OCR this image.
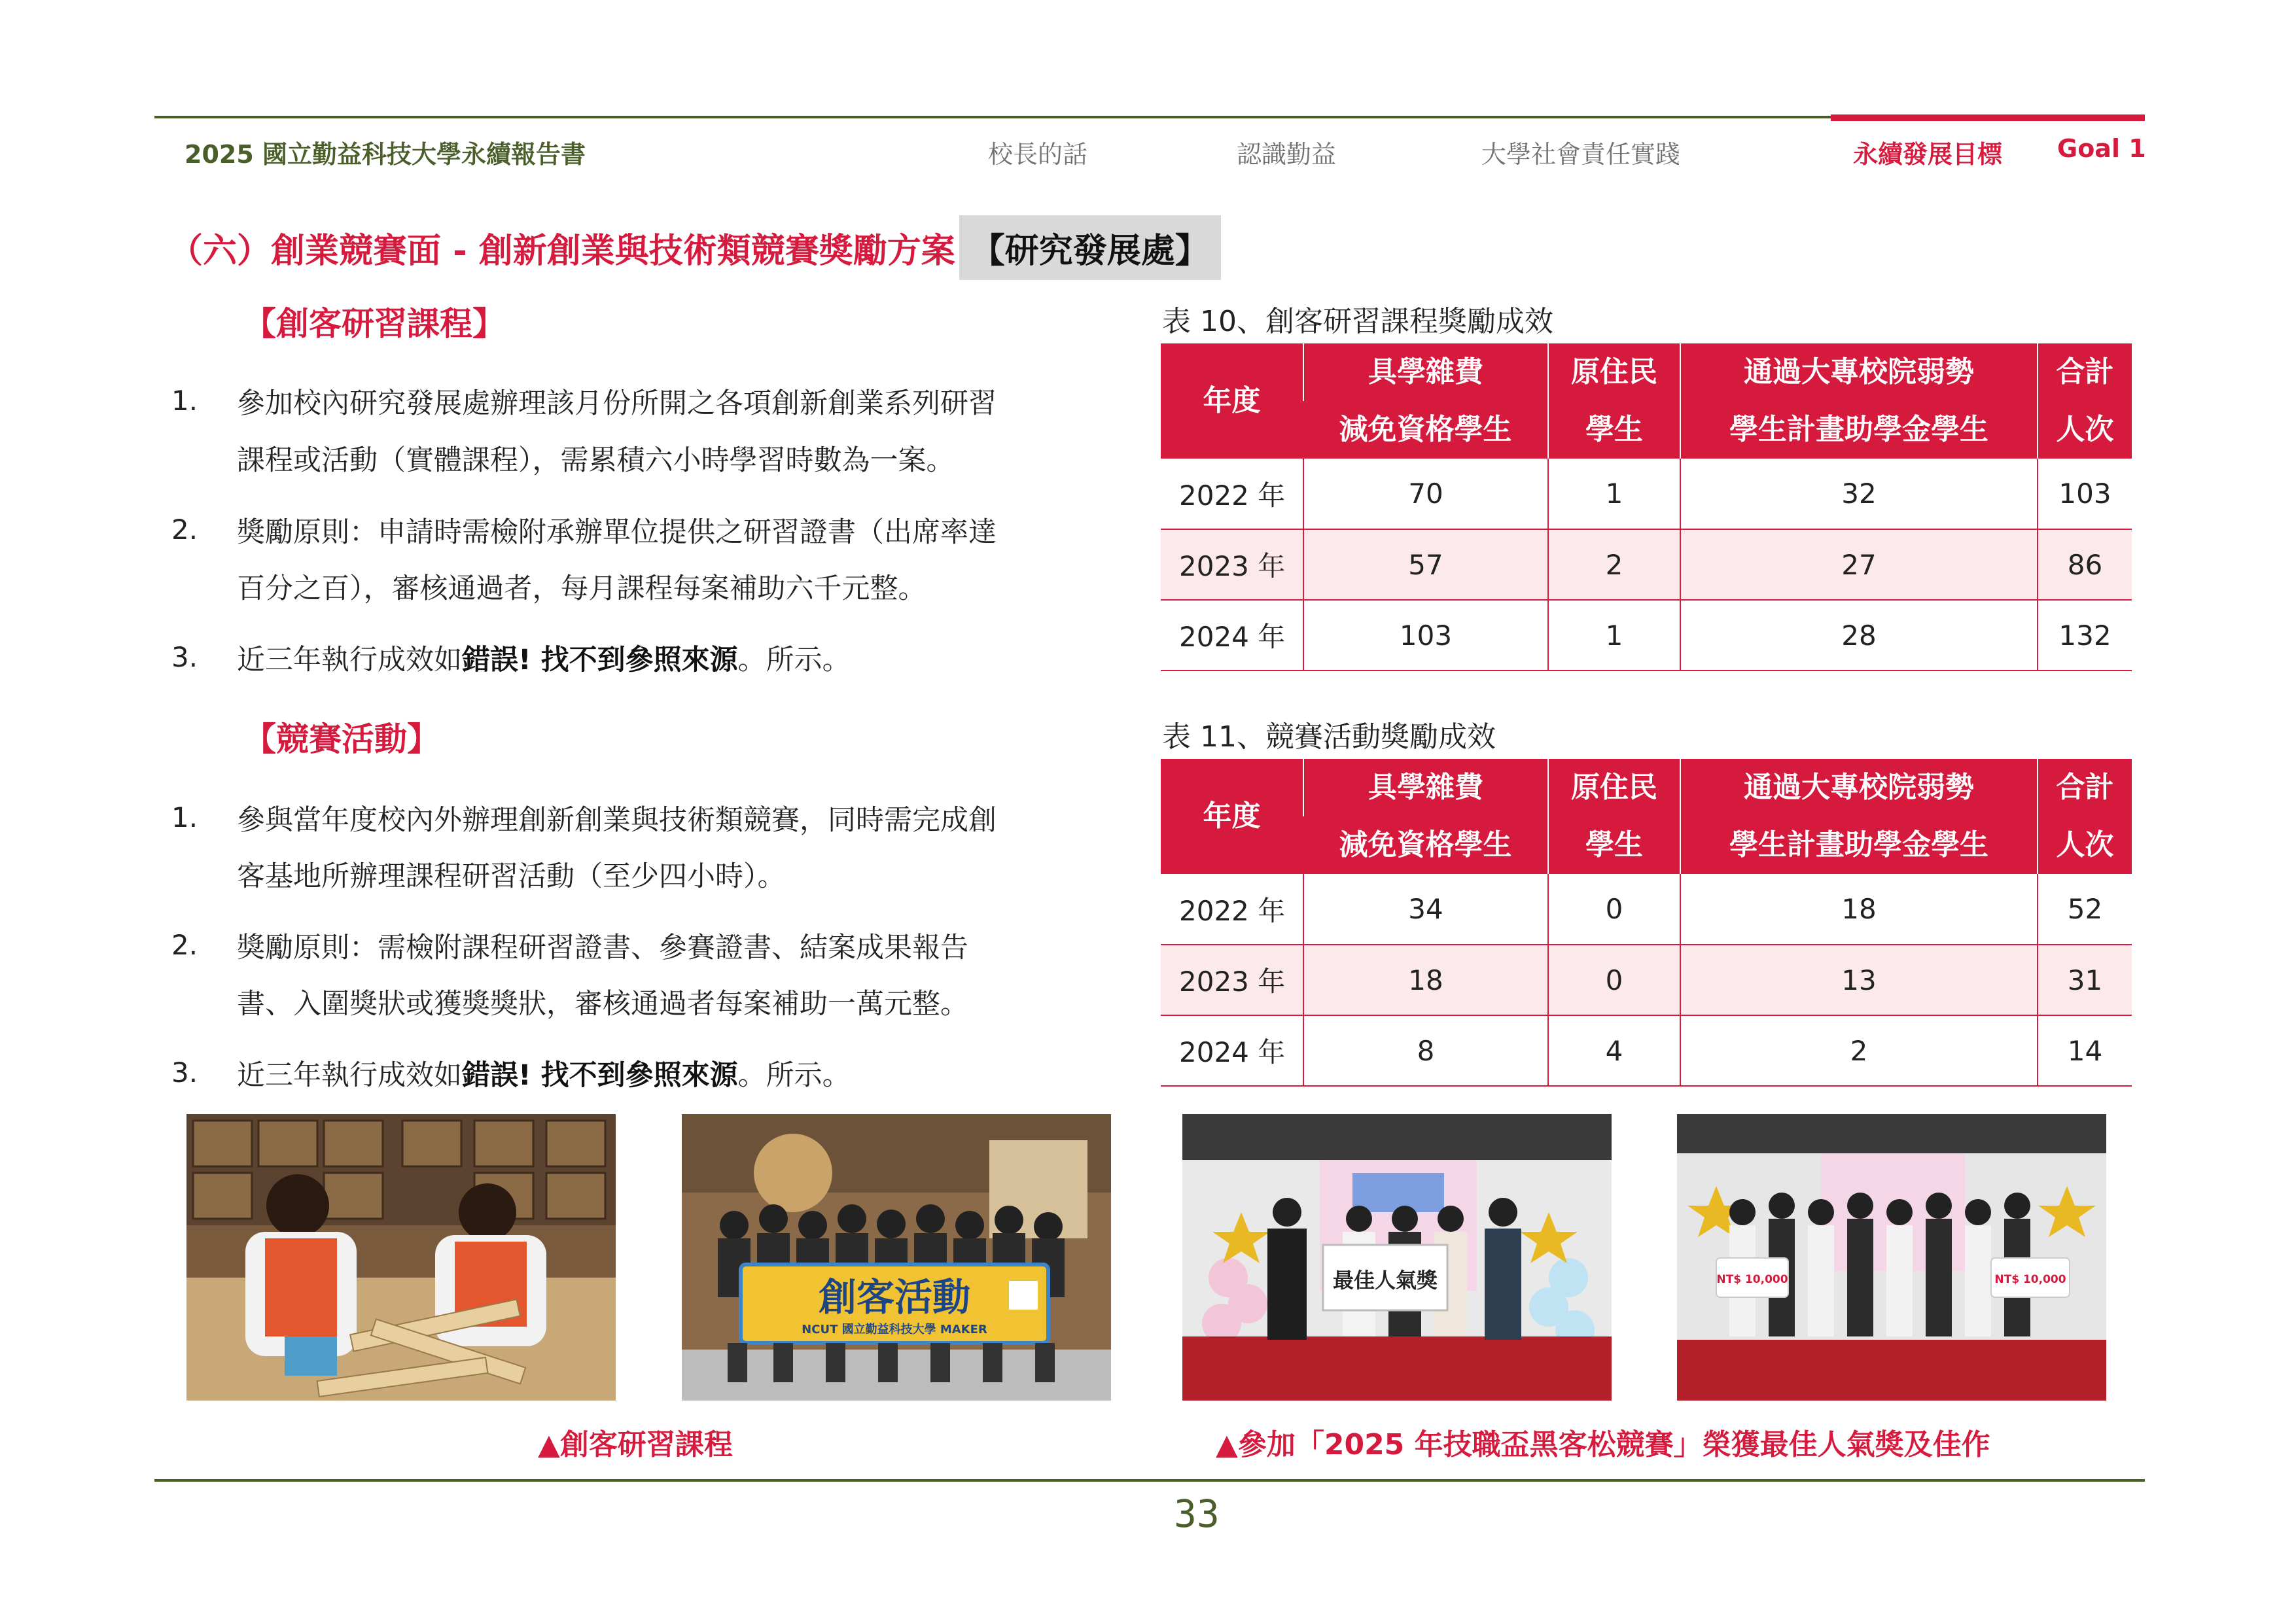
2025 國立勤益科技大學永續報告書	校長的話	認識勤益	大學社會責任實踐	永續發展目標 Goal 1
（六）創業競賽面 - 創新創業與技術類競賽獎勵方案 【研究發展處】
【創客研習課程】
1. 參加校內研究發展處辦理該月份所開之各項創新創業系列研習
課程或活動（實體課程），需累積六小時學習時數為一案。
2. 獎勵原則：申請時需檢附承辦單位提供之研習證書（出席率達
百分之百），審核通過者，每月課程每案補助六千元整。
3. 近三年執行成效如錯誤! 找不到參照來源。所示。
【競賽活動】
1. 參與當年度校內外辦理創新創業與技術類競賽，同時需完成創
客基地所辦理課程研習活動（至少四小時）。
2. 獎勵原則：需檢附課程研習證書、參賽證書、結案成果報告
書、入圍獎狀或獲獎獎狀，審核通過者每案補助一萬元整。
3. 近三年執行成效如錯誤! 找不到參照來源。所示。
表 10、創客研習課程獎勵成效
年度	具學雜費	原住民	通過大專校院弱勢	合計
	減免資格學生	學生	學生計畫助學金學生	人次
2022 年	70	1	32	103
2023 年	57	2	27	86
2024 年	103	1	28	132
表 11、競賽活動獎勵成效
年度	具學雜費	原住民	通過大專校院弱勢	合計
	減免資格學生	學生	學生計畫助學金學生	人次
2022 年	34	0	18	52
2023 年	18	0	13	31
2024 年	8	4	2	14
創客活動
NCUT 國立勤益科技大學 MAKER
最佳人氣獎	NT$ 10,000	NT$ 10,000
▲創客研習課程	▲參加「2025 年技職盃黑客松競賽」榮獲最佳人氣獎及佳作
33
